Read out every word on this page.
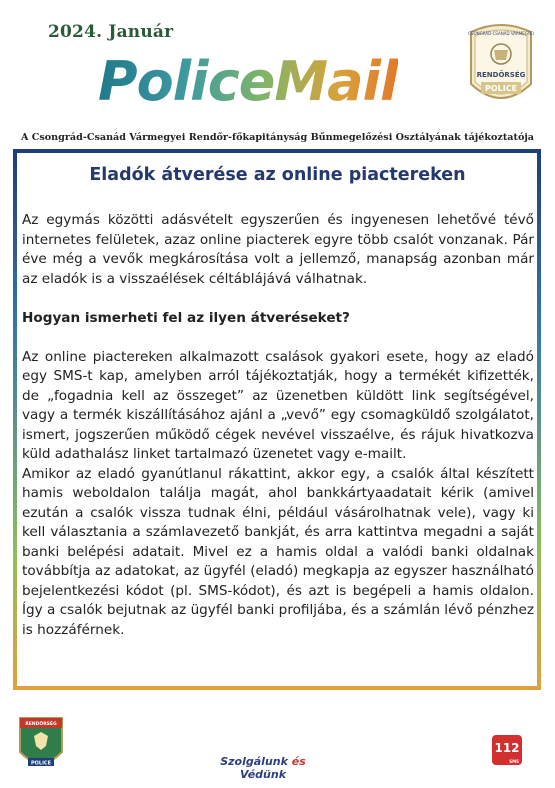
2024. Január
PoliceMail
CSONGRÁD-CSANÁD VÁRMEGYEI
RENDŐRSÉG
POLICE
A Csongrád-Csanád Vármegyei Rendőr-főkapitányság Bűnmegelőzési Osztályának tájékoztatója
Eladók átverése az online piactereken

Az egymás közötti adásvételt egyszerűen és ingyenesen lehetővé tévő internetes felületek, azaz online piacterek egyre több csalót vonzanak. Pár éve még a vevők megkárosítása volt a jellemző, manapság azonban már az eladók is a visszaélések céltáblájává válhatnak.

Hogyan ismerheti fel az ilyen átveréseket?

Az online piactereken alkalmazott csalások gyakori esete, hogy az eladó egy SMS-t kap, amelyben arról tájékoztatják, hogy a termékét kifizették, de „fogadnia kell az összeget” az üzenetben küldött link segítségével, vagy a termék kiszállításához ajánl a „vevő” egy csomagküldő szolgálatot, ismert, jogszerűen működő cégek nevével visszaélve, és rájuk hivatkozva küld adathalász linket tartalmazó üzenetet vagy e-mailt.

Amikor az eladó gyanútlanul rákattint, akkor egy, a csalók által készített hamis weboldalon találja magát, ahol bankkártyaadatait kérik (amivel ezután a csalók vissza tudnak élni, például vásárolhatnak vele), vagy ki kell választania a számlavezető bankját, és arra kattintva megadni a saját banki belépési adatait. Mivel ez a hamis oldal a valódi banki oldalnak továbbítja az adatokat, az ügyfél (eladó) megkapja az egyszer használható bejelentkezési kódot (pl. SMS-kódot), és azt is begépeli a hamis oldalon. Így a csalók bejutnak az ügyfél banki profiljába, és a számlán lévő pénzhez is hozzáférnek.

RENDŐRSÉG
POLICE	Szolgálunk és Védünk
112
SMS
